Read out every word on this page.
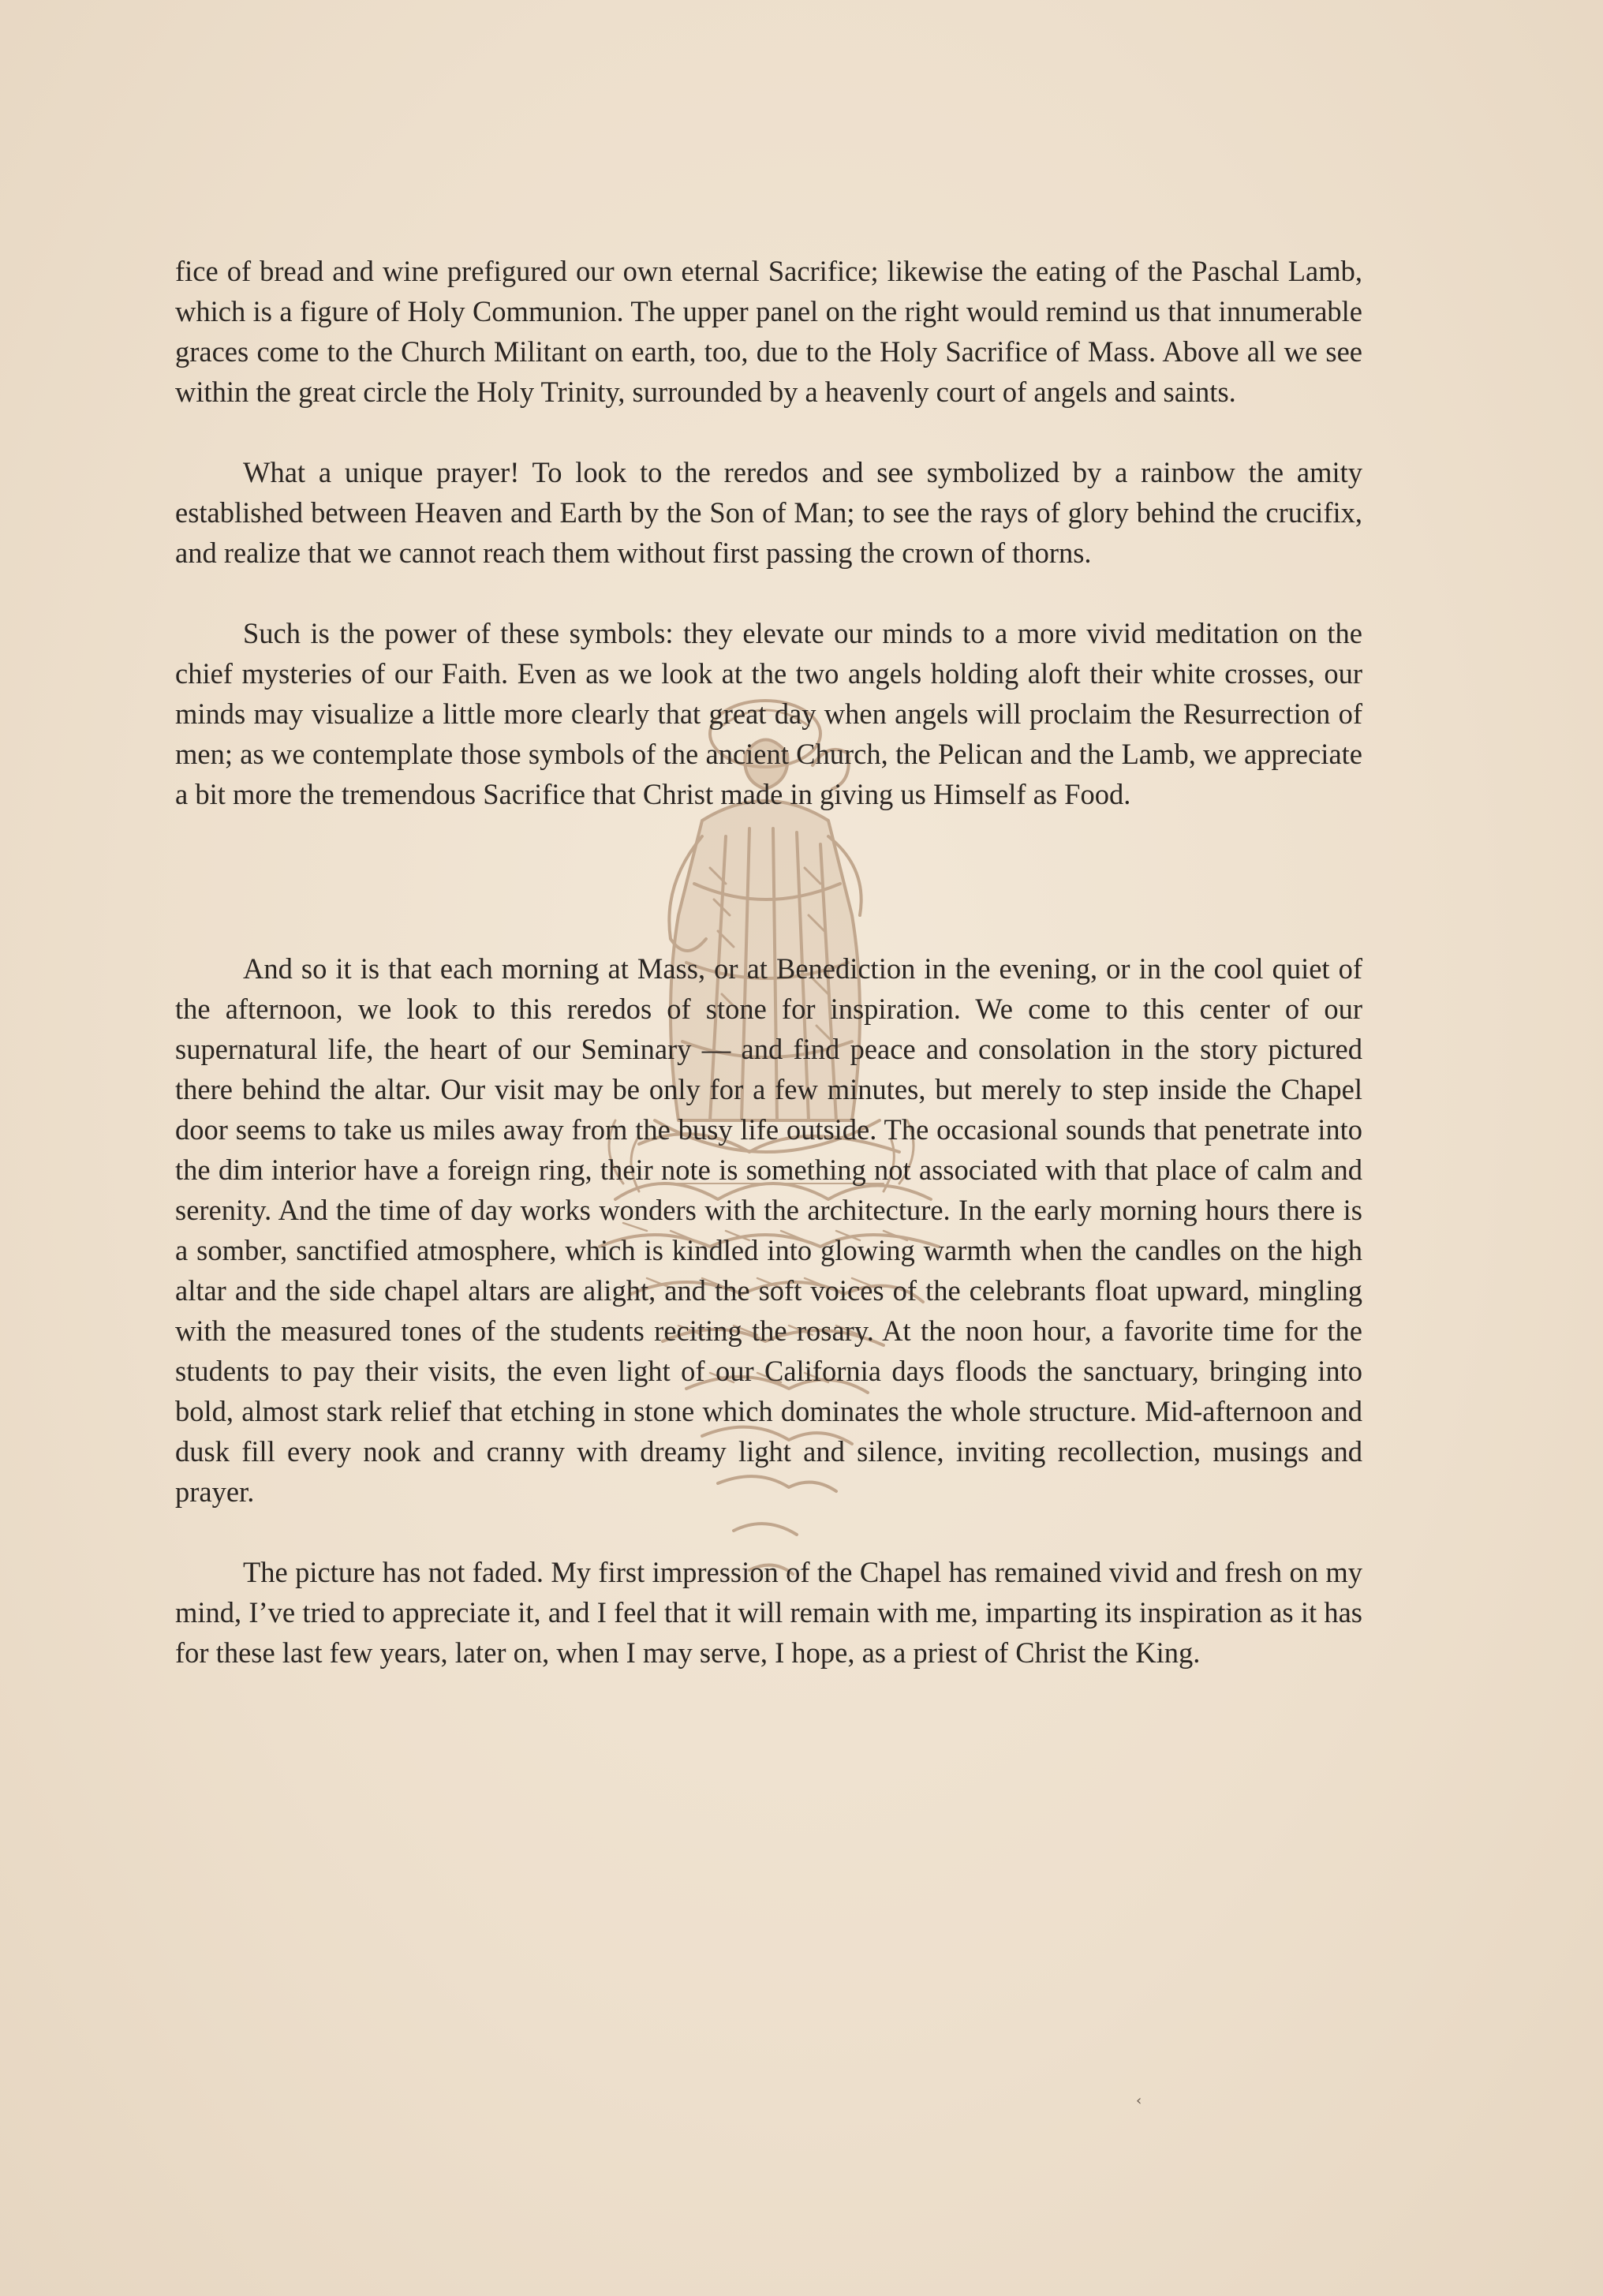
fice of bread and wine prefigured our own eternal Sacrifice; likewise the eating of the Paschal Lamb, which is a figure of Holy Communion. The upper panel on the right would remind us that innumerable graces come to the Church Militant on earth, too, due to the Holy Sacrifice of Mass. Above all we see within the great circle the Holy Trinity, surrounded by a heavenly court of angels and saints.

What a unique prayer! To look to the reredos and see symbolized by a rainbow the amity established between Heaven and Earth by the Son of Man; to see the rays of glory behind the crucifix, and realize that we cannot reach them without first passing the crown of thorns.

Such is the power of these symbols: they elevate our minds to a more vivid meditation on the chief mysteries of our Faith. Even as we look at the two angels holding aloft their white crosses, our minds may visualize a little more clearly that great day when angels will proclaim the Resurrection of men; as we contemplate those symbols of the ancient Church, the Pelican and the Lamb, we appreciate a bit more the tremendous Sacrifice that Christ made in giving us Himself as Food.

And so it is that each morning at Mass, or at Benediction in the evening, or in the cool quiet of the afternoon, we look to this reredos of stone for inspiration. We come to this center of our supernatural life, the heart of our Seminary — and find peace and consolation in the story pictured there behind the altar. Our visit may be only for a few minutes, but merely to step inside the Chapel door seems to take us miles away from the busy life outside. The occasional sounds that penetrate into the dim interior have a foreign ring, their note is something not associated with that place of calm and serenity. And the time of day works wonders with the architecture. In the early morning hours there is a somber, sanctified atmosphere, which is kindled into glowing warmth when the candles on the high altar and the side chapel altars are alight, and the soft voices of the celebrants float upward, mingling with the measured tones of the students reciting the rosary. At the noon hour, a favorite time for the students to pay their visits, the even light of our California days floods the sanctuary, bringing into bold, almost stark relief that etching in stone which dominates the whole structure. Mid-afternoon and dusk fill every nook and cranny with dreamy light and silence, inviting recollection, musings and prayer.

The picture has not faded. My first impression of the Chapel has remained vivid and fresh on my mind, I’ve tried to appreciate it, and I feel that it will remain with me, imparting its inspiration as it has for these last few years, later on, when I may serve, I hope, as a priest of Christ the King.

‹
